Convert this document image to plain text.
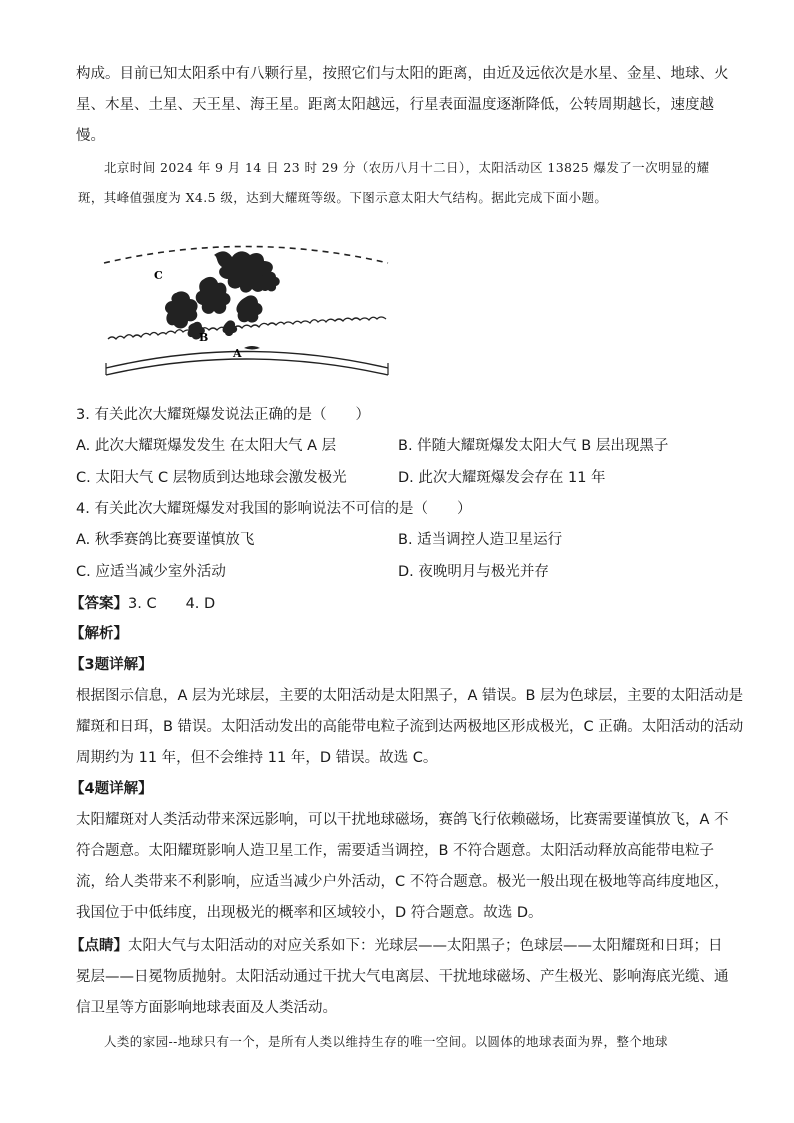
构成。目前已知太阳系中有八颗行星，按照它们与太阳的距离，由近及远依次是水星、金星、地球、火
星、木星、土星、天王星、海王星。距离太阳越远，行星表面温度逐渐降低，公转周期越长，速度越
慢。
北京时间 2024 年 9 月 14 日 23 时 29 分（农历八月十二日），太阳活动区 13825 爆发了一次明显的耀
斑，其峰值强度为 X4.5 级，达到大耀斑等级。下图示意太阳大气结构。据此完成下面小题。
C
B
A
3. 有关此次大耀斑爆发说法正确的是（　　）
A. 此次大耀斑爆发发生 在太阳大气 A 层	B. 伴随大耀斑爆发太阳大气 B 层出现黑子
C. 太阳大气 C 层物质到达地球会激发极光	D. 此次大耀斑爆发会存在 11 年
4. 有关此次大耀斑爆发对我国的影响说法不可信的是（　　）
A. 秋季赛鸽比赛要谨慎放飞	B. 适当调控人造卫星运行
C. 应适当减少室外活动	D. 夜晚明月与极光并存
【答案】3. C　　4. D
【解析】
【3题详解】
根据图示信息，A 层为光球层，主要的太阳活动是太阳黑子，A 错误。B 层为色球层，主要的太阳活动是
耀斑和日珥，B 错误。太阳活动发出的高能带电粒子流到达两极地区形成极光，C 正确。太阳活动的活动
周期约为 11 年，但不会维持 11 年，D 错误。故选 C。
【4题详解】
太阳耀斑对人类活动带来深远影响，可以干扰地球磁场，赛鸽飞行依赖磁场，比赛需要谨慎放飞，A 不
符合题意。太阳耀斑影响人造卫星工作，需要适当调控，B 不符合题意。太阳活动释放高能带电粒子
流，给人类带来不利影响，应适当减少户外活动，C 不符合题意。极光一般出现在极地等高纬度地区，
我国位于中低纬度，出现极光的概率和区域较小，D 符合题意。故选 D。
【点睛】太阳大气与太阳活动的对应关系如下：光球层——太阳黑子；色球层——太阳耀斑和日珥；日
冕层——日冕物质抛射。太阳活动通过干扰大气电离层、干扰地球磁场、产生极光、影响海底光缆、通
信卫星等方面影响地球表面及人类活动。
人类的家园--地球只有一个，是所有人类以维持生存的唯一空间。以圆体的地球表面为界，整个地球
